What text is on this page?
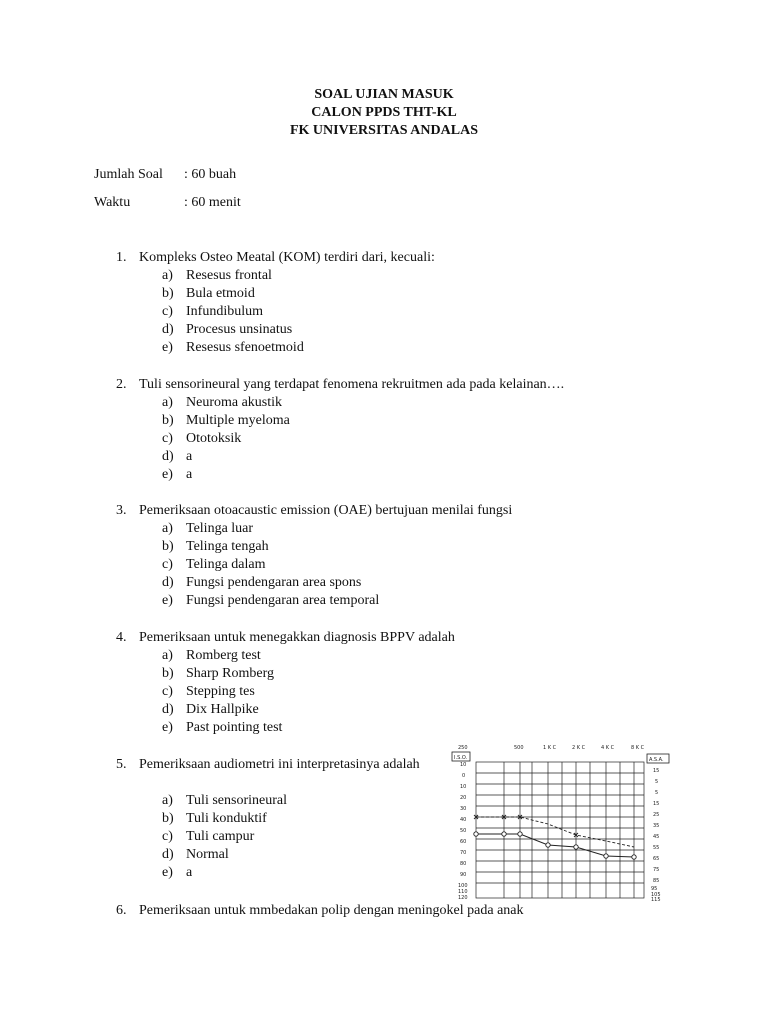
SOAL UJIAN MASUK
CALON PPDS THT-KL
FK UNIVERSITAS ANDALAS
Jumlah Soal : 60 buah
Waktu	: 60 menit
1. Kompleks Osteo Meatal (KOM) terdiri dari, kecuali:
a) Resesus frontal
b) Bula etmoid
c) Infundibulum
d) Procesus unsinatus
e) Resesus sfenoetmoid
2. Tuli sensorineural yang terdapat fenomena rekruitmen ada pada kelainan….
a) Neuroma akustik
b) Multiple myeloma
c) Ototoksik
d) a
e) a
3. Pemeriksaan otoacaustic emission (OAE) bertujuan menilai fungsi
a) Telinga luar
b) Telinga tengah
c) Telinga dalam
d) Fungsi pendengaran area spons
e) Fungsi pendengaran area temporal
4. Pemeriksaan untuk menegakkan diagnosis BPPV adalah
a) Romberg test
b) Sharp Romberg
c) Stepping tes
d) Dix Hallpike
e) Past pointing test
5. Pemeriksaan audiometri ini interpretasinya adalah
a) Tuli sensorineural
b) Tuli konduktif
c) Tuli campur
d) Normal
e) a
250	500	1 K C	2 K C	4 K C	8 K C
I.S.O.	A.S.A.
10
0
10
20
30
40
50
60
70
80
90
100
110
120
15
5
5
15
25
35
45
55
65
75
85
95
105
115
6. Pemeriksaan untuk mmbedakan polip dengan meningokel pada anak
